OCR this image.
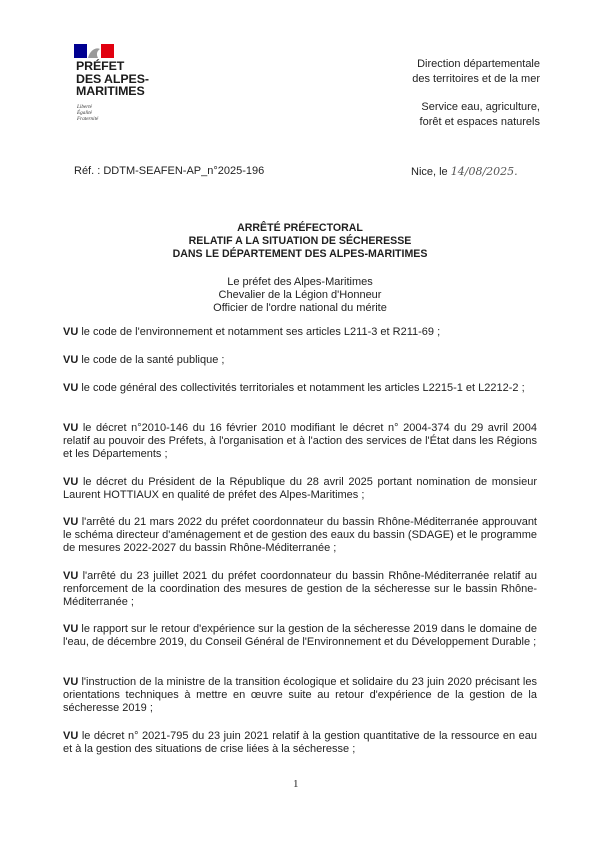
PRÉFET
DES ALPES-
MARITIMES
Liberté
Égalité
Fraternité
Direction départementale
des territoires et de la mer
Service eau, agriculture,
forêt et espaces naturels
Réf. : DDTM-SEAFEN-AP_n°2025-196	Nice, le 14/08/2025.
ARRÊTÉ PRÉFECTORAL
RELATIF A LA SITUATION DE SÉCHERESSE
DANS LE DÉPARTEMENT DES ALPES-MARITIMES
Le préfet des Alpes-Maritimes
Chevalier de la Légion d'Honneur
Officier de l'ordre national du mérite
VU le code de l'environnement et notamment ses articles L211-3 et R211-69 ;
VU le code de la santé publique ;
VU le code général des collectivités territoriales et notamment les articles L2215-1 et L2212-2 ;
VU le décret n°2010-146 du 16 février 2010 modifiant le décret n° 2004-374 du 29 avril 2004 relatif au pouvoir des Préfets, à l'organisation et à l'action des services de l'État dans les Régions et les Départements ;
VU le décret du Président de la République du 28 avril 2025 portant nomination de monsieur Laurent HOTTIAUX en qualité de préfet des Alpes-Maritimes ;
VU l'arrêté du 21 mars 2022 du préfet coordonnateur du bassin Rhône-Méditerranée approuvant le schéma directeur d'aménagement et de gestion des eaux du bassin (SDAGE) et le programme de mesures 2022-2027 du bassin Rhône-Méditerranée ;
VU l'arrêté du 23 juillet 2021 du préfet coordonnateur du bassin Rhône-Méditerranée relatif au renforcement de la coordination des mesures de gestion de la sécheresse sur le bassin Rhône-Méditerranée ;
VU le rapport sur le retour d'expérience sur la gestion de la sécheresse 2019 dans le domaine de l'eau, de décembre 2019, du Conseil Général de l'Environnement et du Développement Durable ;
VU l'instruction de la ministre de la transition écologique et solidaire du 23 juin 2020 précisant les orientations techniques à mettre en œuvre suite au retour d'expérience de la gestion de la sécheresse 2019 ;
VU le décret n° 2021-795 du 23 juin 2021 relatif à la gestion quantitative de la ressource en eau et à la gestion des situations de crise liées à la sécheresse ;
1
